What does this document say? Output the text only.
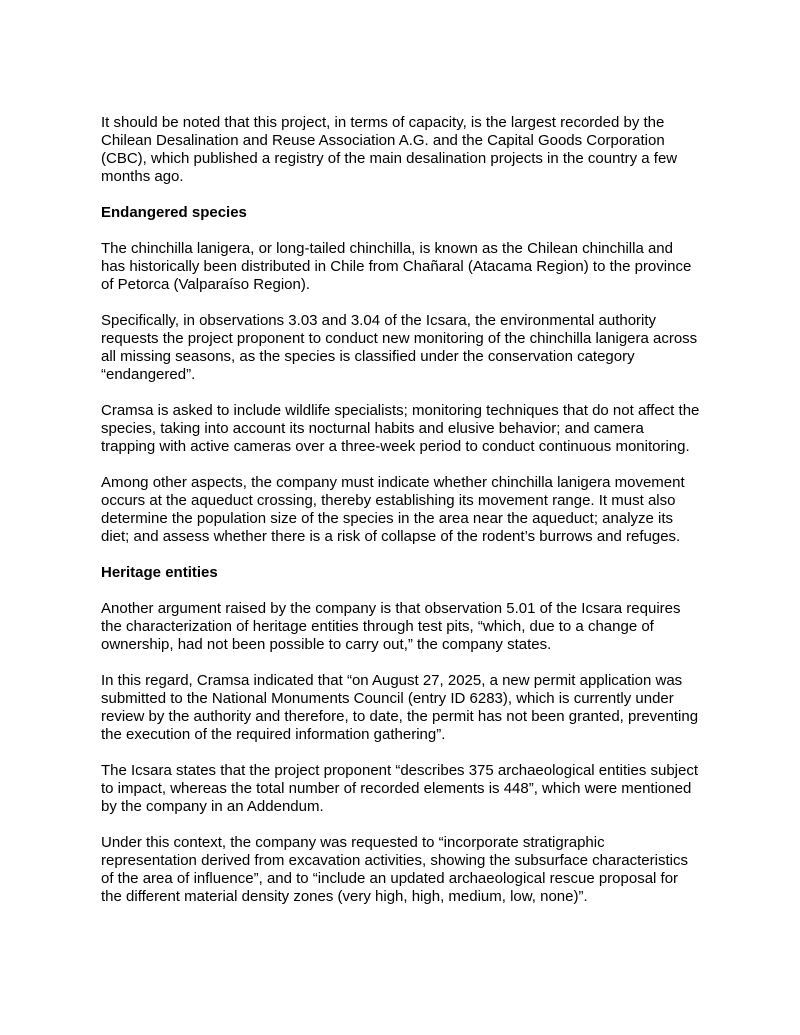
It should be noted that this project, in terms of capacity, is the largest recorded by the Chilean Desalination and Reuse Association A.G. and the Capital Goods Corporation (CBC), which published a registry of the main desalination projects in the country a few months ago.

Endangered species

The chinchilla lanigera, or long-tailed chinchilla, is known as the Chilean chinchilla and has historically been distributed in Chile from Chañaral (Atacama Region) to the province of Petorca (Valparaíso Region).

Specifically, in observations 3.03 and 3.04 of the Icsara, the environmental authority requests the project proponent to conduct new monitoring of the chinchilla lanigera across all missing seasons, as the species is classified under the conservation category “endangered”.

Cramsa is asked to include wildlife specialists; monitoring techniques that do not affect the species, taking into account its nocturnal habits and elusive behavior; and camera trapping with active cameras over a three-week period to conduct continuous monitoring.

Among other aspects, the company must indicate whether chinchilla lanigera movement occurs at the aqueduct crossing, thereby establishing its movement range. It must also determine the population size of the species in the area near the aqueduct; analyze its diet; and assess whether there is a risk of collapse of the rodent’s burrows and refuges.

Heritage entities

Another argument raised by the company is that observation 5.01 of the Icsara requires the characterization of heritage entities through test pits, “which, due to a change of ownership, had not been possible to carry out,” the company states.

In this regard, Cramsa indicated that “on August 27, 2025, a new permit application was submitted to the National Monuments Council (entry ID 6283), which is currently under review by the authority and therefore, to date, the permit has not been granted, preventing the execution of the required information gathering”.

The Icsara states that the project proponent “describes 375 archaeological entities subject to impact, whereas the total number of recorded elements is 448”, which were mentioned by the company in an Addendum.

Under this context, the company was requested to “incorporate stratigraphic representation derived from excavation activities, showing the subsurface characteristics of the area of influence”, and to “include an updated archaeological rescue proposal for the different material density zones (very high, high, medium, low, none)”.
